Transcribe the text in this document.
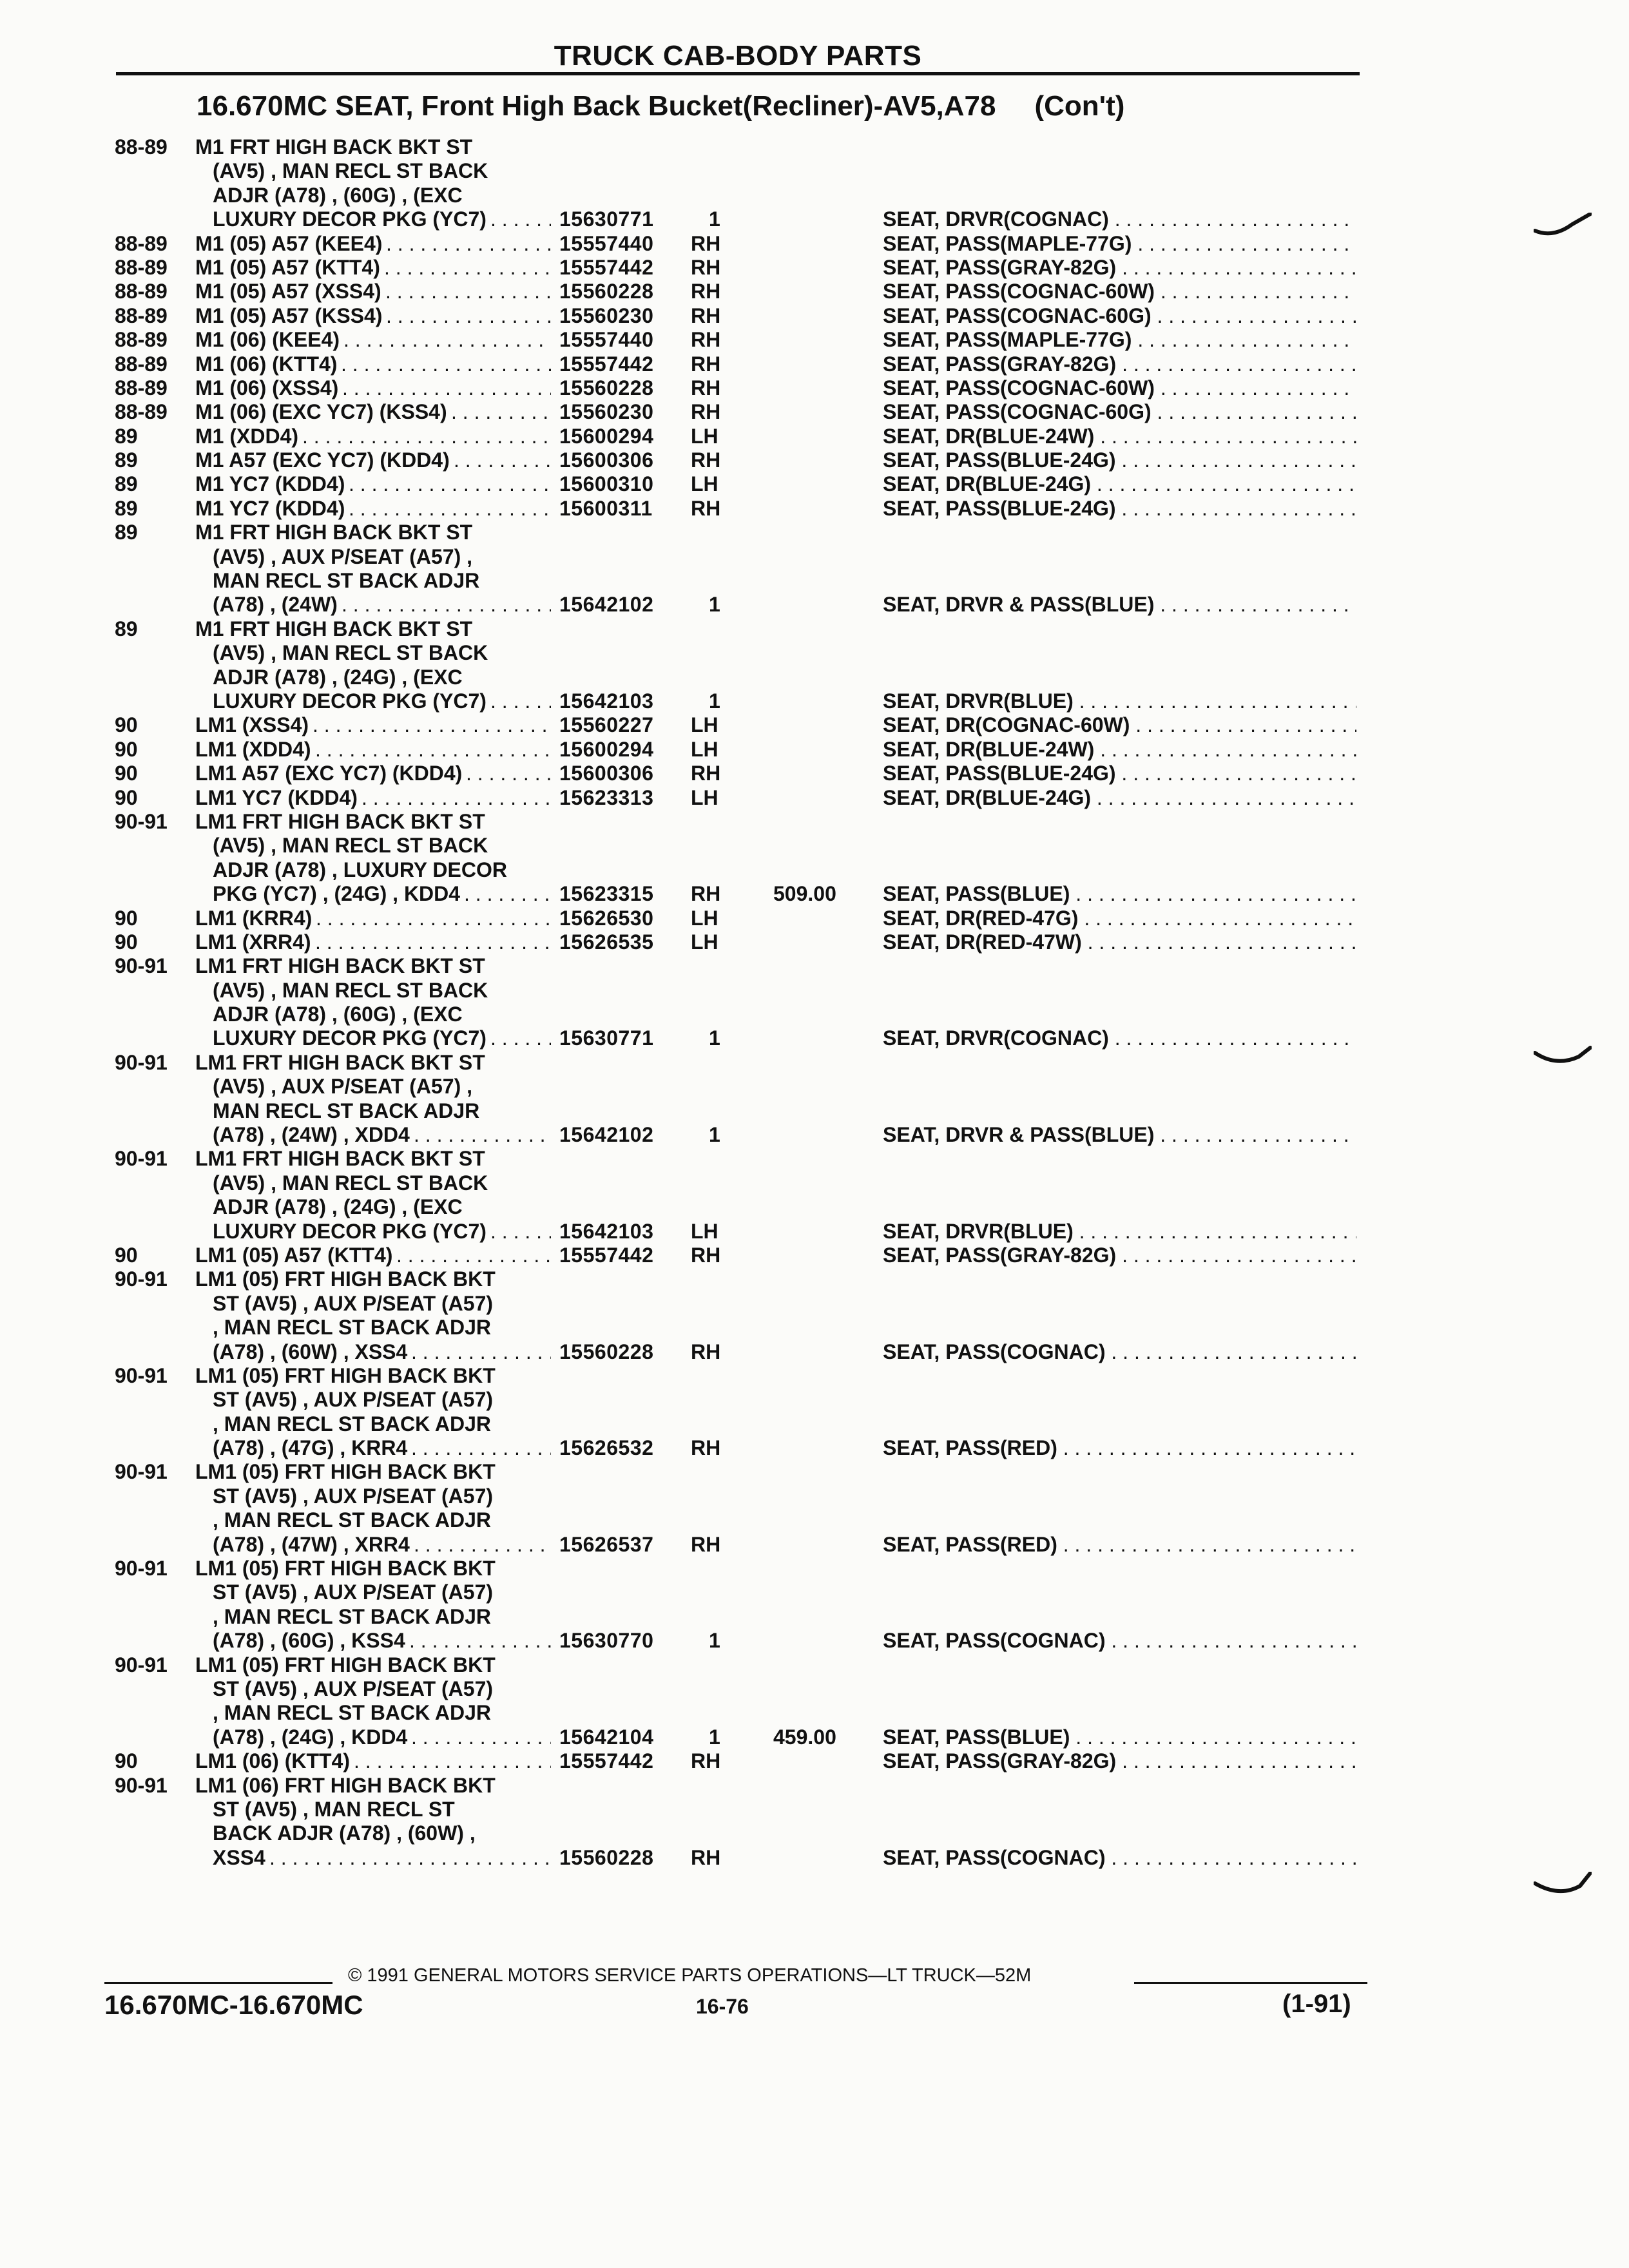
TRUCK CAB-BODY PARTS
16.670MC SEAT, Front High Back Bucket(Recliner)-AV5,A78 (Con't)
88-89 M1 FRT HIGH BACK BKT ST
(AV5) , MAN RECL ST BACK
ADJR (A78) , (60G) , (EXC
LUXURY DECOR PKG (YC7) . . .	15630771	1	SEAT, DRVR(COGNAC) . . .
88-89 M1 (05) A57 (KEE4) . . .	15557440 RH	SEAT, PASS(MAPLE-77G) . . .
88-89 M1 (05) A57 (KTT4) . . .	15557442 RH	SEAT, PASS(GRAY-82G) . . .
88-89 M1 (05) A57 (XSS4) . . .	15560228 RH	SEAT, PASS(COGNAC-60W) . . .
88-89 M1 (05) A57 (KSS4) . . .	15560230 RH	SEAT, PASS(COGNAC-60G) . . .
88-89 M1 (06) (KEE4) . . .	15557440 RH	SEAT, PASS(MAPLE-77G) . . .
88-89 M1 (06) (KTT4) . . .	15557442 RH	SEAT, PASS(GRAY-82G) . . .
88-89 M1 (06) (XSS4) . . .	15560228 RH	SEAT, PASS(COGNAC-60W) . . .
88-89 M1 (06) (EXC YC7) (KSS4) . . .	15560230 RH	SEAT, PASS(COGNAC-60G) . . .
89	M1 (XDD4) . . .	15600294 LH	SEAT, DR(BLUE-24W) . . .
89	M1 A57 (EXC YC7) (KDD4) . . .	15600306 RH	SEAT, PASS(BLUE-24G) . . .
89	M1 YC7 (KDD4) . . .	15600310 LH	SEAT, DR(BLUE-24G) . . .
89	M1 YC7 (KDD4) . . .	15600311 RH	SEAT, PASS(BLUE-24G) . . .
89	M1 FRT HIGH BACK BKT ST
(AV5) , AUX P/SEAT (A57) ,
MAN RECL ST BACK ADJR
(A78) , (24W) . . .	15642102	1	SEAT, DRVR & PASS(BLUE) . . .
89	M1 FRT HIGH BACK BKT ST
(AV5) , MAN RECL ST BACK
ADJR (A78) , (24G) , (EXC
LUXURY DECOR PKG (YC7) . . .	15642103	1	SEAT, DRVR(BLUE) . . .
90	LM1 (XSS4) . . .	15560227 LH	SEAT, DR(COGNAC-60W) . . .
90	LM1 (XDD4) . . .	15600294 LH	SEAT, DR(BLUE-24W) . . .
90	LM1 A57 (EXC YC7) (KDD4) . . .	15600306 RH	SEAT, PASS(BLUE-24G) . . .
90	LM1 YC7 (KDD4) . . .	15623313 LH	SEAT, DR(BLUE-24G) . . .
90-91 LM1 FRT HIGH BACK BKT ST
(AV5) , MAN RECL ST BACK
ADJR (A78) , LUXURY DECOR
PKG (YC7) , (24G) , KDD4 . . .	15623315 RH	509.00 SEAT, PASS(BLUE) . . .
90	LM1 (KRR4) . . .	15626530 LH	SEAT, DR(RED-47G) . . .
90	LM1 (XRR4) . . .	15626535 LH	SEAT, DR(RED-47W) . . .
90-91 LM1 FRT HIGH BACK BKT ST
(AV5) , MAN RECL ST BACK
ADJR (A78) , (60G) , (EXC
LUXURY DECOR PKG (YC7) . . .	15630771	1	SEAT, DRVR(COGNAC) . . .
90-91 LM1 FRT HIGH BACK BKT ST
(AV5) , AUX P/SEAT (A57) ,
MAN RECL ST BACK ADJR
(A78) , (24W) , XDD4 . . .	15642102	1	SEAT, DRVR & PASS(BLUE) . . .
90-91 LM1 FRT HIGH BACK BKT ST
(AV5) , MAN RECL ST BACK
ADJR (A78) , (24G) , (EXC
LUXURY DECOR PKG (YC7) . . .	15642103 LH	SEAT, DRVR(BLUE) . . .
90	LM1 (05) A57 (KTT4) . . .	15557442 RH	SEAT, PASS(GRAY-82G) . . .
90-91 LM1 (05) FRT HIGH BACK BKT
ST (AV5) , AUX P/SEAT (A57)
, MAN RECL ST BACK ADJR
(A78) , (60W) , XSS4 . . .	15560228 RH	SEAT, PASS(COGNAC) . . .
90-91 LM1 (05) FRT HIGH BACK BKT
ST (AV5) , AUX P/SEAT (A57)
, MAN RECL ST BACK ADJR
(A78) , (47G) , KRR4 . . .	15626532 RH	SEAT, PASS(RED) . . .
90-91 LM1 (05) FRT HIGH BACK BKT
ST (AV5) , AUX P/SEAT (A57)
, MAN RECL ST BACK ADJR
(A78) , (47W) , XRR4 . . .	15626537 RH	SEAT, PASS(RED) . . .
90-91 LM1 (05) FRT HIGH BACK BKT
ST (AV5) , AUX P/SEAT (A57)
, MAN RECL ST BACK ADJR
(A78) , (60G) , KSS4 . . .	15630770	1	SEAT, PASS(COGNAC) . . .
90-91 LM1 (05) FRT HIGH BACK BKT
ST (AV5) , AUX P/SEAT (A57)
, MAN RECL ST BACK ADJR
(A78) , (24G) , KDD4 . . .	15642104	1	459.00 SEAT, PASS(BLUE) . . .
90	LM1 (06) (KTT4) . . .	15557442 RH	SEAT, PASS(GRAY-82G) . . .
90-91 LM1 (06) FRT HIGH BACK BKT
ST (AV5) , MAN RECL ST
BACK ADJR (A78) , (60W) ,
XSS4 . . .	15560228 RH	SEAT, PASS(COGNAC) . . .
© 1991 GENERAL MOTORS SERVICE PARTS OPERATIONS—LT TRUCK—52M
16.670MC-16.670MC	16-76	(1-91)
